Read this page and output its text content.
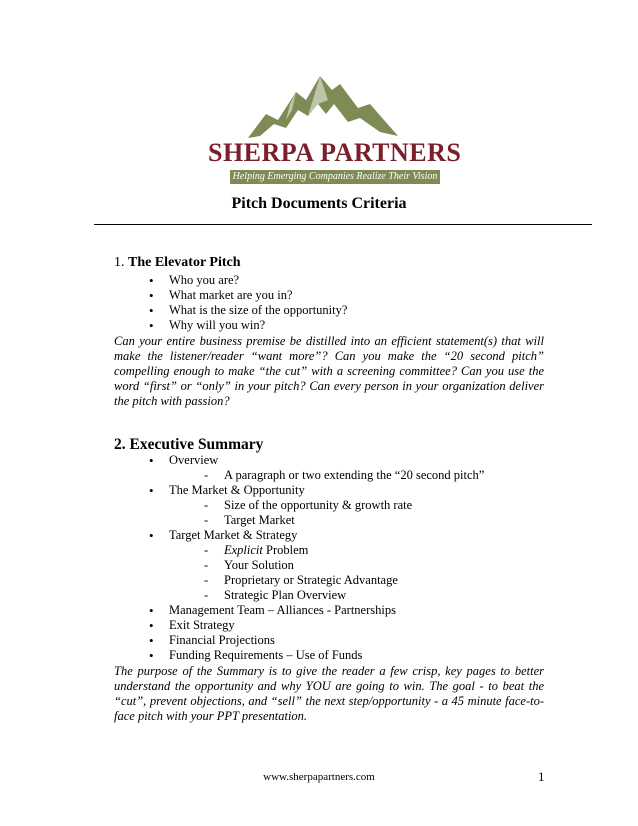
SHERPA PARTNERS
Helping Emerging Companies Realize Their Vision
Pitch Documents Criteria
1. The Elevator Pitch
• Who you are?
• What market are you in?
• What is the size of the opportunity?
• Why will you win?

Can your entire business premise be distilled into an efficient statement(s) that will make the listener/reader “want more”? Can you make the “20 second pitch” compelling enough to make “the cut” with a screening committee? Can you use the word “first” or “only” in your pitch? Can every person in your organization deliver the pitch with passion?

2. Executive Summary
• Overview
- A paragraph or two extending the “20 second pitch”
• The Market & Opportunity
- Size of the opportunity & growth rate
- Target Market
• Target Market & Strategy
- Explicit Problem
- Your Solution
- Proprietary or Strategic Advantage
- Strategic Plan Overview
• Management Team – Alliances - Partnerships
• Exit Strategy
• Financial Projections
• Funding Requirements – Use of Funds

The purpose of the Summary is to give the reader a few crisp, key pages to better understand the opportunity and why YOU are going to win. The goal - to beat the “cut”, prevent objections, and “sell” the next step/opportunity - a 45 minute face-to-face pitch with your PPT presentation.

www.sherpapartners.com	1
